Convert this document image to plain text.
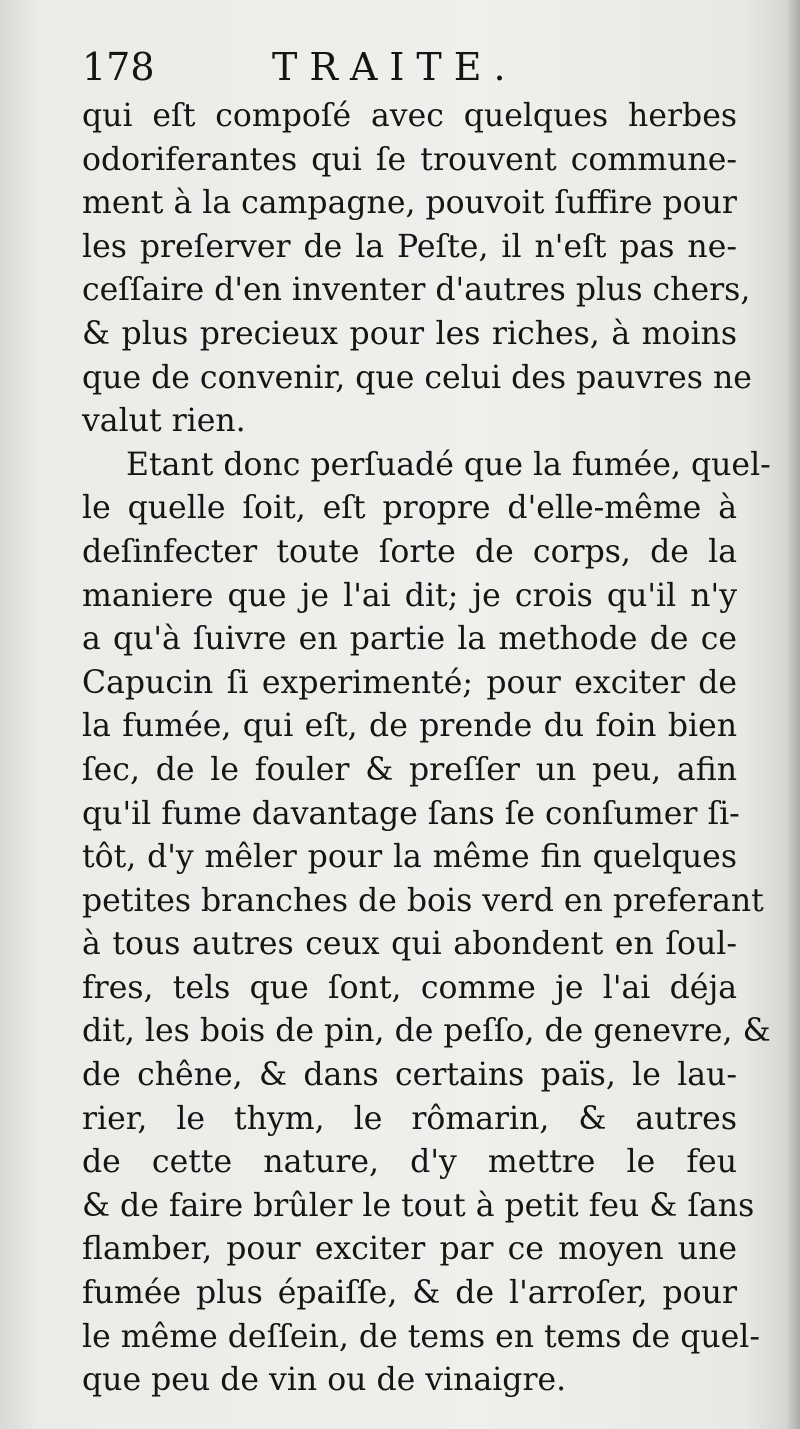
178	TRAITE.
qui eſt compoſé avec quelques herbes
odoriferantes qui ſe trouvent commune-
ment à la campagne, pouvoit ſuffire pour
les preſerver de la Peſte, il n'eſt pas ne-
ceſſaire d'en inventer d'autres plus chers,
& plus precieux pour les riches, à moins
que de convenir, que celui des pauvres ne
valut rien.
Etant donc perſuadé que la fumée, quel-
le quelle ſoit, eſt propre d'elle-même à
deſinfecter toute ſorte de corps, de la
maniere que je l'ai dit; je crois qu'il n'y
a qu'à ſuivre en partie la methode de ce
Capucin ſi experimenté; pour exciter de
la fumée, qui eſt, de prende du foin bien
ſec, de le fouler & preſſer un peu, afin
qu'il fume davantage ſans ſe conſumer ſi-
tôt, d'y mêler pour la même fin quelques
petites branches de bois verd en preferant
à tous autres ceux qui abondent en ſoul-
fres, tels que ſont, comme je l'ai déja
dit, les bois de pin, de peſſo, de genevre, &
de chêne, & dans certains païs, le lau-
rier, le thym, le rômarin, & autres
de cette nature, d'y mettre le feu
& de faire brûler le tout à petit feu & ſans
flamber, pour exciter par ce moyen une
fumée plus épaiſſe, & de l'arroſer, pour
le même deſſein, de tems en tems de quel-
que peu de vin ou de vinaigre.
